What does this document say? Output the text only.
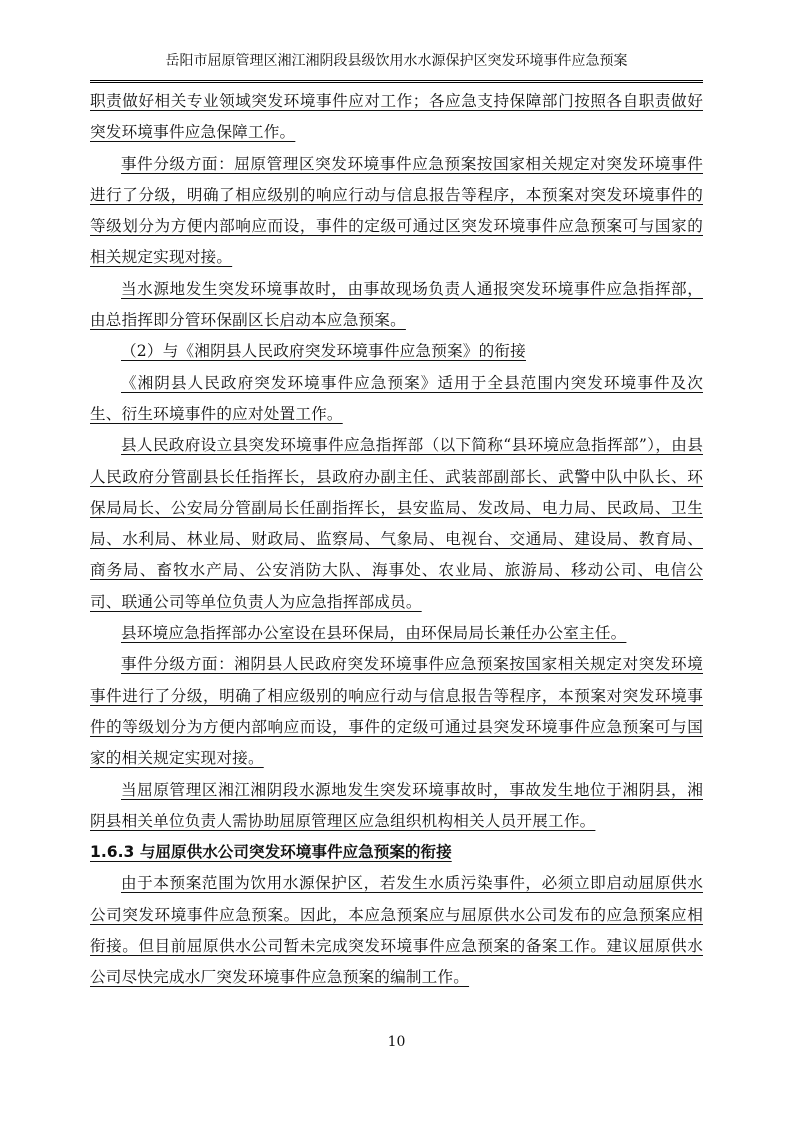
岳阳市屈原管理区湘江湘阴段县级饮用水水源保护区突发环境事件应急预案

职责做好相关专业领域突发环境事件应对工作；各应急支持保障部门按照各自职责做好突发环境事件应急保障工作。

事件分级方面：屈原管理区突发环境事件应急预案按国家相关规定对突发环境事件进行了分级，明确了相应级别的响应行动与信息报告等程序，本预案对突发环境事件的等级划分为方便内部响应而设，事件的定级可通过区突发环境事件应急预案可与国家的相关规定实现对接。

当水源地发生突发环境事故时，由事故现场负责人通报突发环境事件应急指挥部，由总指挥即分管环保副区长启动本应急预案。

（2）与《湘阴县人民政府突发环境事件应急预案》的衔接

《湘阴县人民政府突发环境事件应急预案》适用于全县范围内突发环境事件及次生、衍生环境事件的应对处置工作。

县人民政府设立县突发环境事件应急指挥部（以下简称“县环境应急指挥部”），由县人民政府分管副县长任指挥长，县政府办副主任、武装部副部长、武警中队中队长、环保局局长、公安局分管副局长任副指挥长，县安监局、发改局、电力局、民政局、卫生局、水利局、林业局、财政局、监察局、气象局、电视台、交通局、建设局、教育局、商务局、畜牧水产局、公安消防大队、海事处、农业局、旅游局、移动公司、电信公司、联通公司等单位负责人为应急指挥部成员。

县环境应急指挥部办公室设在县环保局，由环保局局长兼任办公室主任。

事件分级方面：湘阴县人民政府突发环境事件应急预案按国家相关规定对突发环境事件进行了分级，明确了相应级别的响应行动与信息报告等程序，本预案对突发环境事件的等级划分为方便内部响应而设，事件的定级可通过县突发环境事件应急预案可与国家的相关规定实现对接。

当屈原管理区湘江湘阴段水源地发生突发环境事故时，事故发生地位于湘阴县，湘阴县相关单位负责人需协助屈原管理区应急组织机构相关人员开展工作。

1.6.3 与屈原供水公司突发环境事件应急预案的衔接

由于本预案范围为饮用水源保护区，若发生水质污染事件，必须立即启动屈原供水公司突发环境事件应急预案。因此，本应急预案应与屈原供水公司发布的应急预案应相衔接。但目前屈原供水公司暂未完成突发环境事件应急预案的备案工作。建议屈原供水公司尽快完成水厂突发环境事件应急预案的编制工作。

10
